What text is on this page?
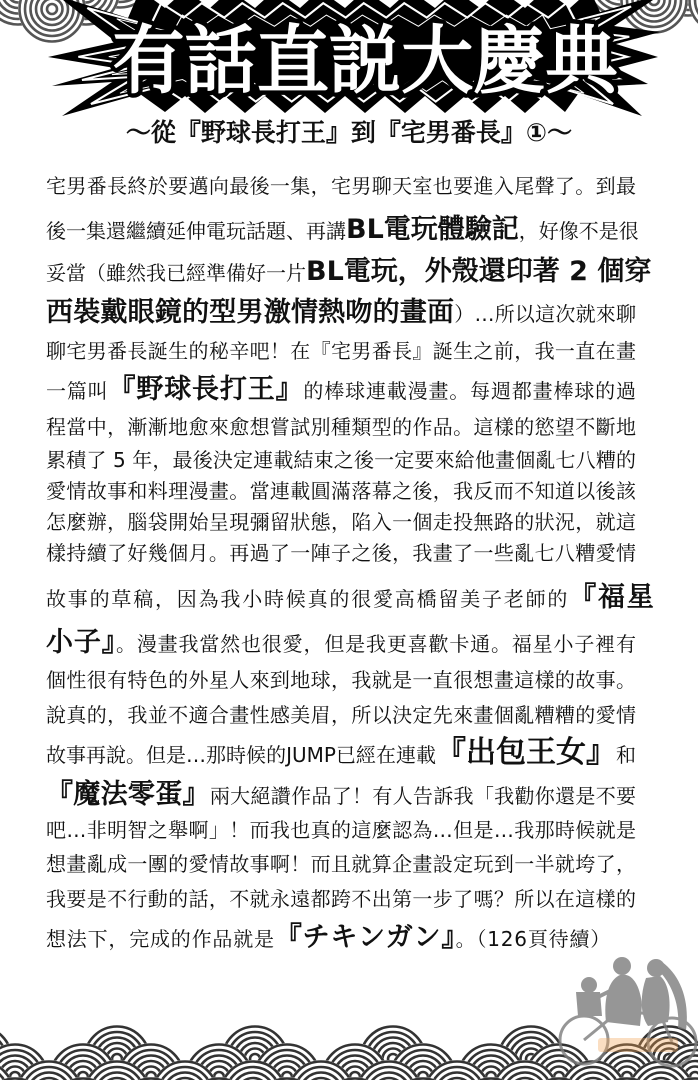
有話直説大慶典
～從『野球長打王』到『宅男番長』①～
宅男番長終於要邁向最後一集，宅男聊天室也要進入尾聲了。到最
後一集還繼續延伸電玩話題、再講BL電玩體驗記，好像不是很
妥當（雖然我已經準備好一片BL電玩，外殼還印著 2 個穿
西裝戴眼鏡的型男激情熱吻的畫面）…所以這次就來聊
聊宅男番長誕生的秘辛吧！在『宅男番長』誕生之前，我一直在畫
一篇叫『野球長打王』的棒球連載漫畫。每週都畫棒球的過
程當中，漸漸地愈來愈想嘗試別種類型的作品。這樣的慾望不斷地
累積了 5 年，最後決定連載結束之後一定要來給他畫個亂七八糟的
愛情故事和料理漫畫。當連載圓滿落幕之後，我反而不知道以後該
怎麼辦，腦袋開始呈現彌留狀態，陷入一個走投無路的狀況，就這
樣持續了好幾個月。再過了一陣子之後，我畫了一些亂七八糟愛情
故事的草稿，因為我小時候真的很愛高橋留美子老師的『福星
小子』。漫畫我當然也很愛，但是我更喜歡卡通。福星小子裡有
個性很有特色的外星人來到地球，我就是一直很想畫這樣的故事。
說真的，我並不適合畫性感美眉，所以決定先來畫個亂糟糟的愛情
故事再說。但是…那時候的JUMP已經在連載『出包王女』和
『魔法零蛋』兩大絕讚作品了！有人告訴我「我勸你還是不要
吧…非明智之舉啊」！而我也真的這麼認為…但是…我那時候就是
想畫亂成一團的愛情故事啊！而且就算企畫設定玩到一半就垮了，
我要是不行動的話，不就永遠都跨不出第一步了嗎？所以在這樣的
想法下，完成的作品就是『チキンガン』。（126頁待續）
